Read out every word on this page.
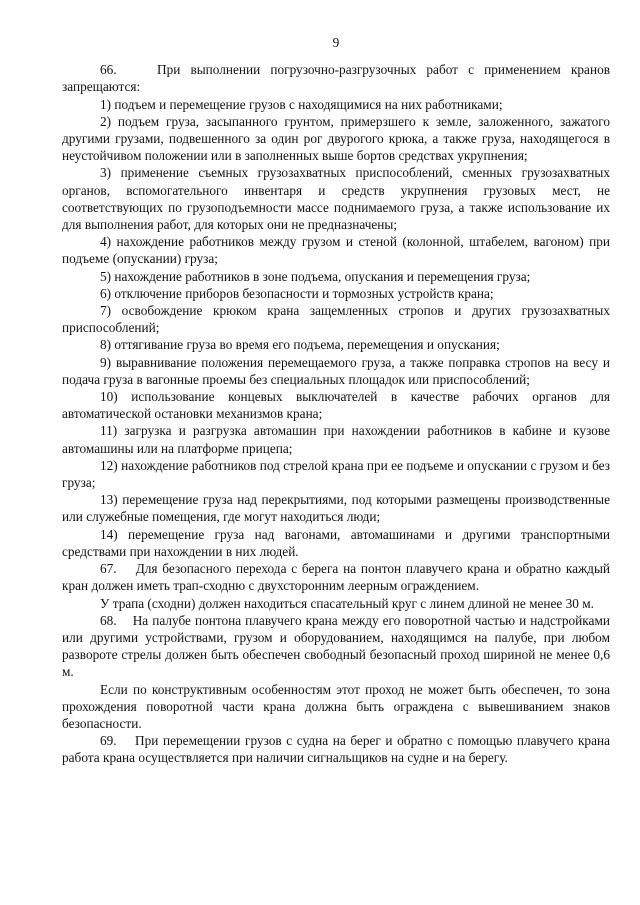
9

66.    При выполнении погрузочно-разгрузочных работ с применением кранов запрещаются:

1) подъем и перемещение грузов с находящимися на них работниками;

2) подъем груза, засыпанного грунтом, примерзшего к земле, заложенного, зажатого другими грузами, подвешенного за один рог двурогого крюка, а также груза, находящегося в неустойчивом положении или в заполненных выше бортов средствах укрупнения;

3) применение съемных грузозахватных приспособлений, сменных грузозахватных органов, вспомогательного инвентаря и средств укрупнения грузовых мест, не соответствующих по грузоподъемности массе поднимаемого груза, а также использование их для выполнения работ, для которых они не предназначены;

4) нахождение работников между грузом и стеной (колонной, штабелем, вагоном) при подъеме (опускании) груза;

5) нахождение работников в зоне подъема, опускания и перемещения груза;

6) отключение приборов безопасности и тормозных устройств крана;

7) освобождение крюком крана защемленных стропов и других грузозахватных приспособлений;

8) оттягивание груза во время его подъема, перемещения и опускания;

9) выравнивание положения перемещаемого груза, а также поправка стропов на весу и подача груза в вагонные проемы без специальных площадок или приспособлений;

10) использование концевых выключателей в качестве рабочих органов для автоматической остановки механизмов крана;

11) загрузка и разгрузка автомашин при нахождении работников в кабине и кузове автомашины или на платформе прицепа;

12) нахождение работников под стрелой крана при ее подъеме и опускании с грузом и без груза;

13) перемещение груза над перекрытиями, под которыми размещены производственные или служебные помещения, где могут находиться люди;

14) перемещение груза над вагонами, автомашинами и другими транспортными средствами при нахождении в них людей.

67.    Для безопасного перехода с берега на понтон плавучего крана и обратно каждый кран должен иметь трап-сходню с двухсторонним леерным ограждением.

У трапа (сходни) должен находиться спасательный круг с линем длиной не менее 30 м.

68.    На палубе понтона плавучего крана между его поворотной частью и надстройками или другими устройствами, грузом и оборудованием, находящимся на палубе, при любом развороте стрелы должен быть обеспечен свободный безопасный проход шириной не менее 0,6 м.

Если по конструктивным особенностям этот проход не может быть обеспечен, то зона прохождения поворотной части крана должна быть ограждена с вывешиванием знаков безопасности.

69.    При перемещении грузов с судна на берег и обратно с помощью плавучего крана работа крана осуществляется при наличии сигнальщиков на судне и на берегу.
